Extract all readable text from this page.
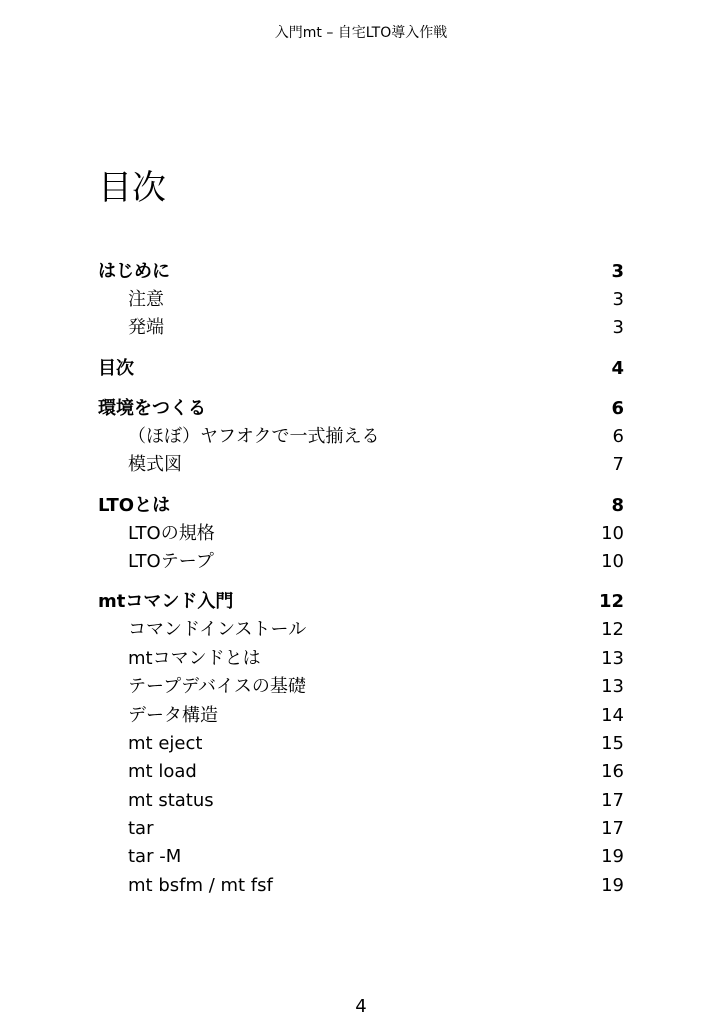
入門mt – 自宅LTO導入作戦
目次
はじめに	3
注意	3
発端	3
目次	4
環境をつくる	6
（ほぼ）ヤフオクで一式揃える	6
模式図	7
LTOとは	8
LTOの規格	10
LTOテープ	10
mtコマンド入門	12
コマンドインストール	12
mtコマンドとは	13
テープデバイスの基礎	13
データ構造	14
mt eject	15
mt load	16
mt status	17
tar	17
tar -M	19
mt bsfm / mt fsf	19
4
